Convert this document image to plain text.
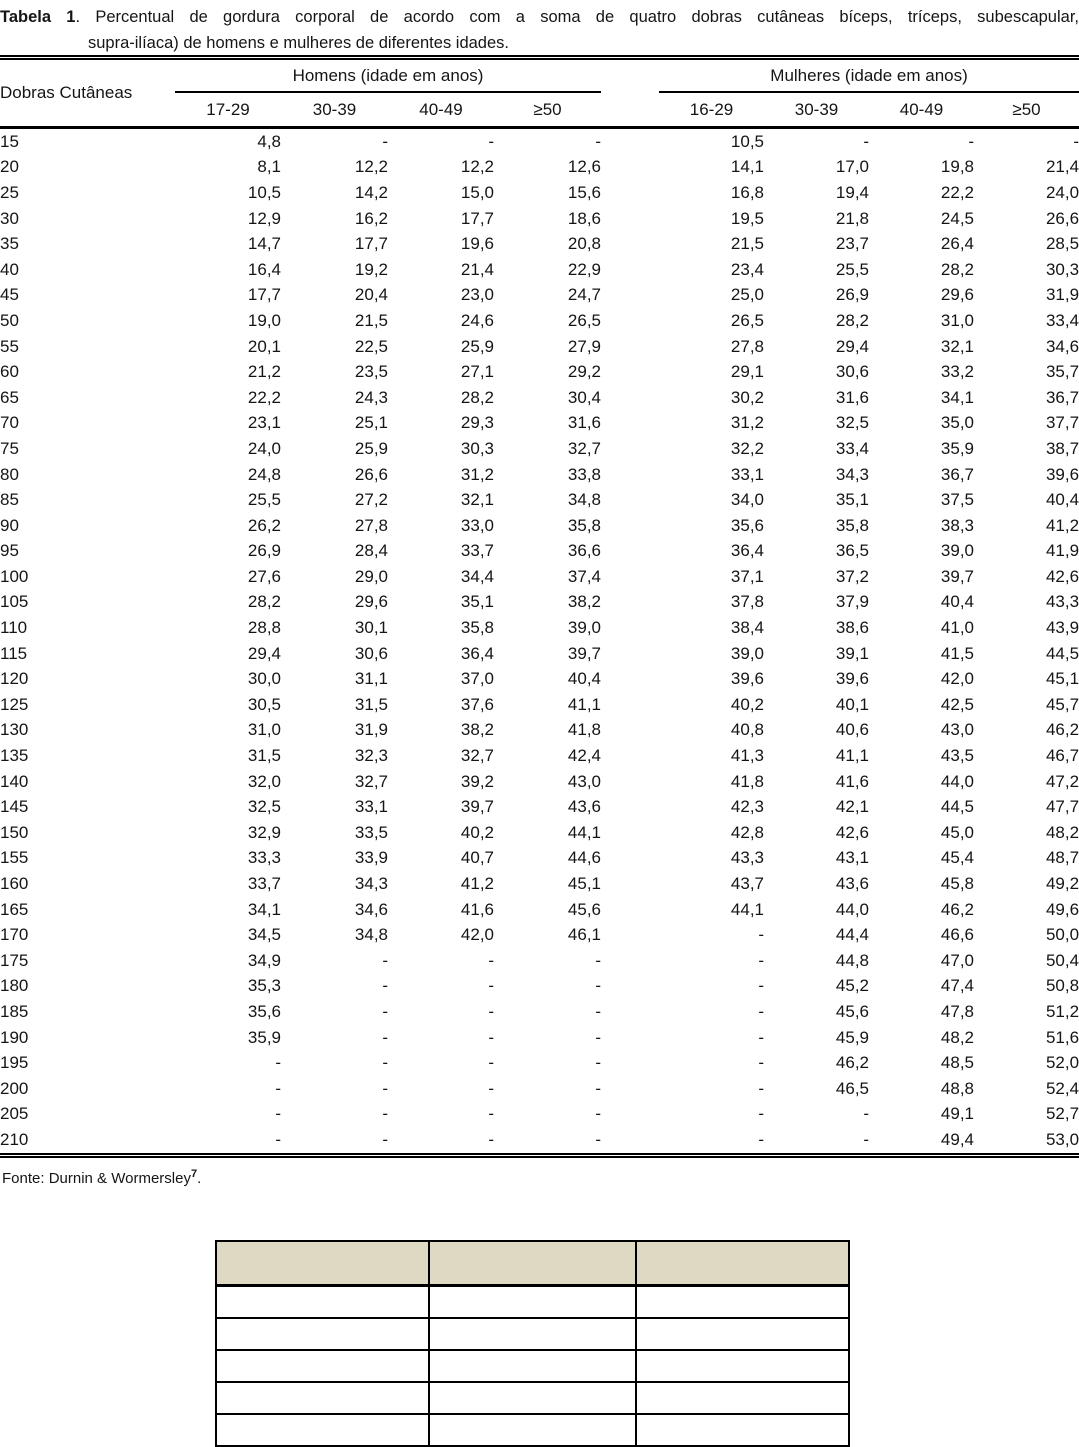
Tabela 1. Percentual de gordura corporal de acordo com a soma de quatro dobras cutâneas bíceps, tríceps, subescapular,
supra-ilíaca) de homens e mulheres de diferentes idades.
Dobras Cutâneas	Homens (idade em anos)					Mulheres (idade em anos)			
	17-29	30-39	40-49	≥50		16-29	30-39	40-49	≥50
15	4,8	-	-	-		10,5	-	-	-
20	8,1	12,2	12,2	12,6		14,1	17,0	19,8	21,4
25	10,5	14,2	15,0	15,6		16,8	19,4	22,2	24,0
30	12,9	16,2	17,7	18,6		19,5	21,8	24,5	26,6
35	14,7	17,7	19,6	20,8		21,5	23,7	26,4	28,5
40	16,4	19,2	21,4	22,9		23,4	25,5	28,2	30,3
45	17,7	20,4	23,0	24,7		25,0	26,9	29,6	31,9
50	19,0	21,5	24,6	26,5		26,5	28,2	31,0	33,4
55	20,1	22,5	25,9	27,9		27,8	29,4	32,1	34,6
60	21,2	23,5	27,1	29,2		29,1	30,6	33,2	35,7
65	22,2	24,3	28,2	30,4		30,2	31,6	34,1	36,7
70	23,1	25,1	29,3	31,6		31,2	32,5	35,0	37,7
75	24,0	25,9	30,3	32,7		32,2	33,4	35,9	38,7
80	24,8	26,6	31,2	33,8		33,1	34,3	36,7	39,6
85	25,5	27,2	32,1	34,8		34,0	35,1	37,5	40,4
90	26,2	27,8	33,0	35,8		35,6	35,8	38,3	41,2
95	26,9	28,4	33,7	36,6		36,4	36,5	39,0	41,9
100	27,6	29,0	34,4	37,4		37,1	37,2	39,7	42,6
105	28,2	29,6	35,1	38,2		37,8	37,9	40,4	43,3
110	28,8	30,1	35,8	39,0		38,4	38,6	41,0	43,9
115	29,4	30,6	36,4	39,7		39,0	39,1	41,5	44,5
120	30,0	31,1	37,0	40,4		39,6	39,6	42,0	45,1
125	30,5	31,5	37,6	41,1		40,2	40,1	42,5	45,7
130	31,0	31,9	38,2	41,8		40,8	40,6	43,0	46,2
135	31,5	32,3	32,7	42,4		41,3	41,1	43,5	46,7
140	32,0	32,7	39,2	43,0		41,8	41,6	44,0	47,2
145	32,5	33,1	39,7	43,6		42,3	42,1	44,5	47,7
150	32,9	33,5	40,2	44,1		42,8	42,6	45,0	48,2
155	33,3	33,9	40,7	44,6		43,3	43,1	45,4	48,7
160	33,7	34,3	41,2	45,1		43,7	43,6	45,8	49,2
165	34,1	34,6	41,6	45,6		44,1	44,0	46,2	49,6
170	34,5	34,8	42,0	46,1		-	44,4	46,6	50,0
175	34,9	-	-	-		-	44,8	47,0	50,4
180	35,3	-	-	-		-	45,2	47,4	50,8
185	35,6	-	-	-		-	45,6	47,8	51,2
190	35,9	-	-	-		-	45,9	48,2	51,6
195	-	-	-	-		-	46,2	48,5	52,0
200	-	-	-	-		-	46,5	48,8	52,4
205	-	-	-	-		-	-	49,1	52,7
210	-	-	-	-		-	-	49,4	53,0
Fonte: Durnin & Wormersley$^7$.
